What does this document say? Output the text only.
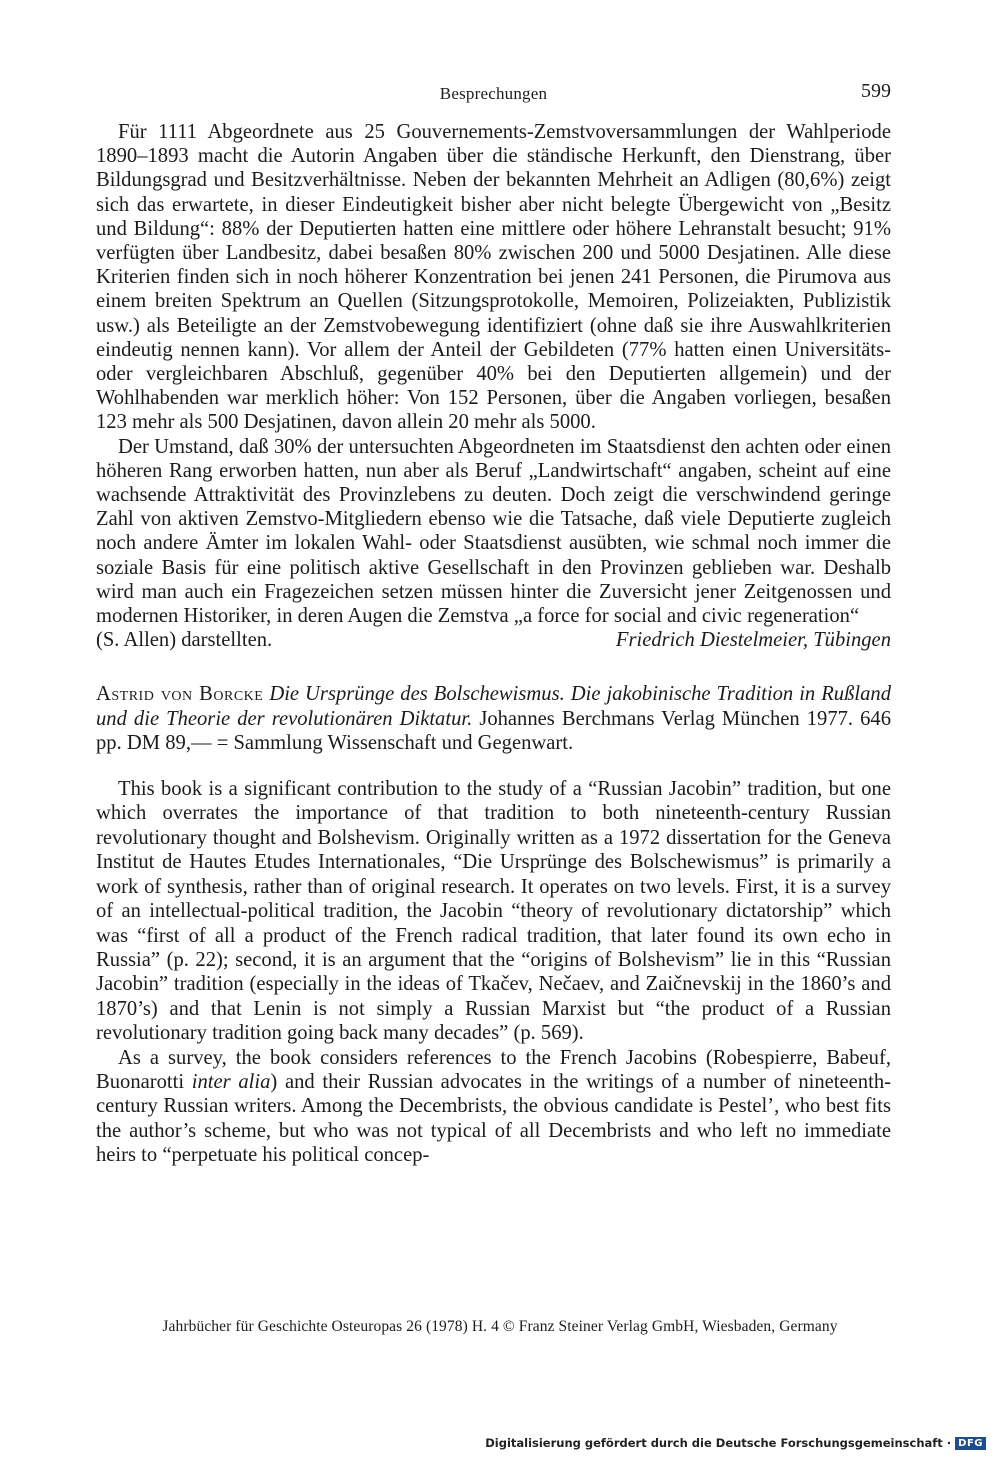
Besprechungen	599

Für 1111 Abgeordnete aus 25 Gouvernements-Zemstvoversammlungen der Wahlperiode 1890–1893 macht die Autorin Angaben über die ständische Herkunft, den Dienstrang, über Bildungsgrad und Besitzverhältnisse. Neben der bekannten Mehrheit an Adligen (80,6%) zeigt sich das erwartete, in dieser Eindeutigkeit bisher aber nicht belegte Übergewicht von „Besitz und Bildung“: 88% der Deputierten hatten eine mittlere oder höhere Lehranstalt besucht; 91% verfügten über Landbesitz, dabei besaßen 80% zwischen 200 und 5000 Desjatinen. Alle diese Kriterien finden sich in noch höherer Konzentration bei jenen 241 Personen, die Pirumova aus einem breiten Spektrum an Quellen (Sitzungsprotokolle, Memoiren, Polizeiakten, Publizistik usw.) als Beteiligte an der Zemstvobewegung identifiziert (ohne daß sie ihre Auswahlkriterien eindeutig nennen kann). Vor allem der Anteil der Gebildeten (77% hatten einen Universitäts- oder vergleichbaren Abschluß, gegenüber 40% bei den Deputierten allgemein) und der Wohlhabenden war merklich höher: Von 152 Personen, über die Angaben vorliegen, besaßen 123 mehr als 500 Desjatinen, davon allein 20 mehr als 5000.

Der Umstand, daß 30% der untersuchten Abgeordneten im Staatsdienst den achten oder einen höheren Rang erworben hatten, nun aber als Beruf „Landwirtschaft“ angaben, scheint auf eine wachsende Attraktivität des Provinzlebens zu deuten. Doch zeigt die verschwindend geringe Zahl von aktiven Zemstvo-Mitgliedern ebenso wie die Tatsache, daß viele Deputierte zugleich noch andere Ämter im lokalen Wahl- oder Staatsdienst ausübten, wie schmal noch immer die soziale Basis für eine politisch aktive Gesellschaft in den Provinzen geblieben war. Deshalb wird man auch ein Fragezeichen setzen müssen hinter die Zuversicht jener Zeitgenossen und modernen Historiker, in deren Augen die Zemstva „a force for social and civic regeneration“

(S. Allen) darstellten.	Friedrich Diestelmeier, Tübingen
Astrid von Borcke Die Ursprünge des Bolschewismus. Die jakobinische Tradition in Rußland und die Theorie der revolutionären Diktatur. Johannes Berchmans Verlag München 1977. 646 pp. DM 89,— = Sammlung Wissenschaft und Gegenwart.

This book is a significant contribution to the study of a “Russian Jacobin” tradition, but one which overrates the importance of that tradition to both nineteenth-century Russian revolutionary thought and Bolshevism. Originally written as a 1972 dissertation for the Geneva Institut de Hautes Etudes Internationales, “Die Ursprünge des Bolschewismus” is primarily a work of synthesis, rather than of original research. It operates on two levels. First, it is a survey of an intellectual-political tradition, the Jacobin “theory of revolutionary dictatorship” which was “first of all a product of the French radical tradition, that later found its own echo in Russia” (p. 22); second, it is an argument that the “origins of Bolshevism” lie in this “Russian Jacobin” tradition (especially in the ideas of Tkačev, Nečaev, and Zaičnevskij in the 1860’s and 1870’s) and that Lenin is not simply a Russian Marxist but “the product of a Russian revolutionary tradition going back many decades” (p. 569).

As a survey, the book considers references to the French Jacobins (Robespierre, Babeuf, Buonarotti inter alia) and their Russian advocates in the writings of a number of nineteenth-century Russian writers. Among the Decembrists, the obvious candidate is Pestel’, who best fits the author’s scheme, but who was not typical of all Decembrists and who left no immediate heirs to “perpetuate his political concep-

Jahrbücher für Geschichte Osteuropas 26 (1978) H. 4 © Franz Steiner Verlag GmbH, Wiesbaden, Germany
Digitalisierung gefördert durch die Deutsche Forschungsgemeinschaft · DFG
